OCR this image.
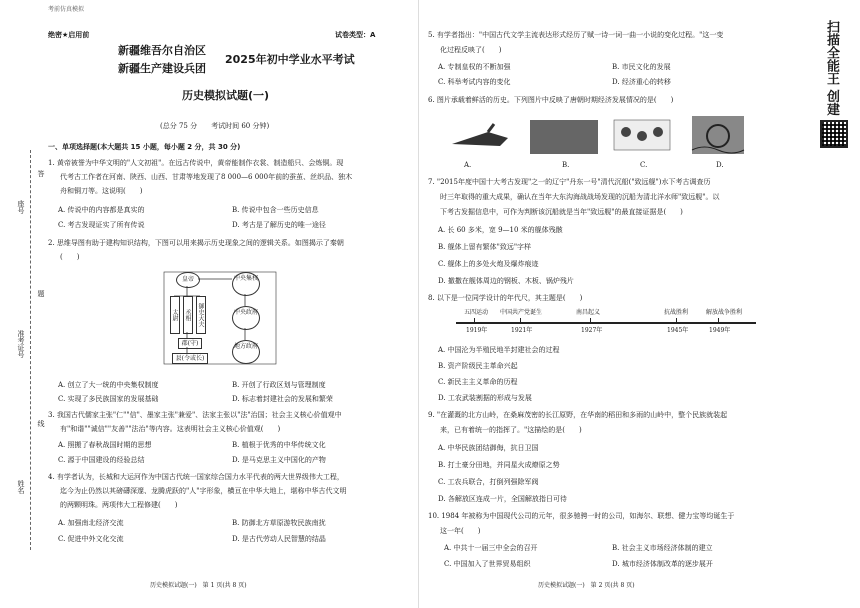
考前仿真模拟
绝密★启用前	试卷类型：A
新疆维吾尔自治区
新疆生产建设兵团
2025年初中学业水平考试
历史模拟试题(一)
(总分 75 分　　考试时间 60 分钟)
座号
准考证号
姓名
答
题
线
一、单项选择题(本大题共 15 小题，每小题 2 分，共 30 分)
1. 黄帝被誉为中华文明的"人文初祖"。在远古传说中，黄帝能制作衣裳、制造船只、会炼铜。现
代考古工作者在河南、陕西、山西、甘肃等地发现了8 000—6 000年前的蚕茧、丝织品、独木
舟和铜刀等。这说明(　　)
A. 传说中的内容都是真实的	B. 传说中包含一些历史信息
C. 考古发现证实了所有传说	D. 考古是了解历史的唯一途径
2. 思维导图有助于建构知识结构，下图可以用来揭示历史现象之间的逻辑关系。如图揭示了秦朝
(　　)
皇帝
太尉	丞相	御史大夫
郡(守)
县(令或长)
中央集权
中央政府
地方政府
A. 创立了大一统的中央集权制度	B. 开创了行政区划与管理制度
C. 实现了多民族国家的发展基础	D. 标志着封建社会的发展和繁荣
3. 我国古代儒家主张"仁""信"、墨家主张"兼爱"、法家主张以"法"治国；社会主义核心价值观中
有"和谐""诚信""友善""法治"等内容。这表明社会主义核心价值观(　　)
A. 照搬了春秋战国时期的思想	B. 植根于优秀的中华传统文化
C. 源于中国建设的经验总结	D. 是马克思主义中国化的产物
4. 有学者认为，长城和大运河作为中国古代统一国家综合国力水平代表的两大世界级伟大工程，
迄今为止仍然以其磅礴深邃、龙腾虎跃的"人"字形象，横亘在中华大地上，堪称中华古代文明
的两颗明珠。两项伟大工程修建(　　)
A. 加强南北经济交流	B. 防御北方草原游牧民族南扰
C. 促进中外文化交流	D. 是古代劳动人民智慧的结晶
历史模拟试题(一)　第 1 页(共 8 页)
5. 有学者指出："中国古代文学主流表达形式经历了赋一诗一词一曲一小说的变化过程。"这一变
化过程反映了(　　)
A. 专制皇权的不断加强	B. 市民文化的发展
C. 科举考试内容的变化	D. 经济重心的转移
6. 图片承载着鲜活的历史。下列图片中反映了唐朝时期经济发展情况的是(　　)
A.	B.	C.	D.
7. "2015年度中国十大考古发现"之一的辽宁"丹东一号"清代沉船("致远舰")水下考古调查历
时三年取得的重大成果，确认在当年大东沟海战战场发现的沉船为清北洋水师"致远舰"。以
下考古发掘信息中，可作为判断该沉船就是当年"致远舰"的最直接证据是(　　)
A. 长 60 多米，宽 9—10 米的舰体残骸
B. 舰体上留有繁体"致远"字样
C. 舰体上的多处火炮及爆炸痕迹
D. 撤撒在舰体周边的钢板、木板、锅炉残片
8. 以下是一位同学设计的年代尺，其主题是(　　)
五四运动 中国共产党诞生	南昌起义	抗战胜利	解放战争胜利
1919年	1921年	1927年	1945年	1949年
A. 中国沦为半殖民地半封建社会的过程
B. 资产阶级民主革命兴起
C. 新民主主义革命的历程
D. 工农武装割据的形成与发展
9. "在灌溉的北方山岭，在桑麻茂密的长江原野，在华南的稻田和多雨的山岭中，整个民族就装起
来，已有着统一的指挥了。"这描绘的是(　　)
A. 中华民族团结御侮，抗日卫国
B. 打土豪分田地，并同星火成燎原之势
C. 工农兵联合，打倒列强除军阀
D. 各解放区连成一片，全国解放指日可待
10. 1984 年被称为中国现代公司的元年，很多驰骋一时的公司，如海尔、联想、健力宝等均诞生于
这一年(　　)
A. 中共十一届三中全会的召开	B. 社会主义市场经济体制的建立
C. 中国加入了世界贸易组织	D. 城市经济体制改革的逐步展开
历史模拟试题(一)　第 2 页(共 8 页)
扫描全能王 创建
